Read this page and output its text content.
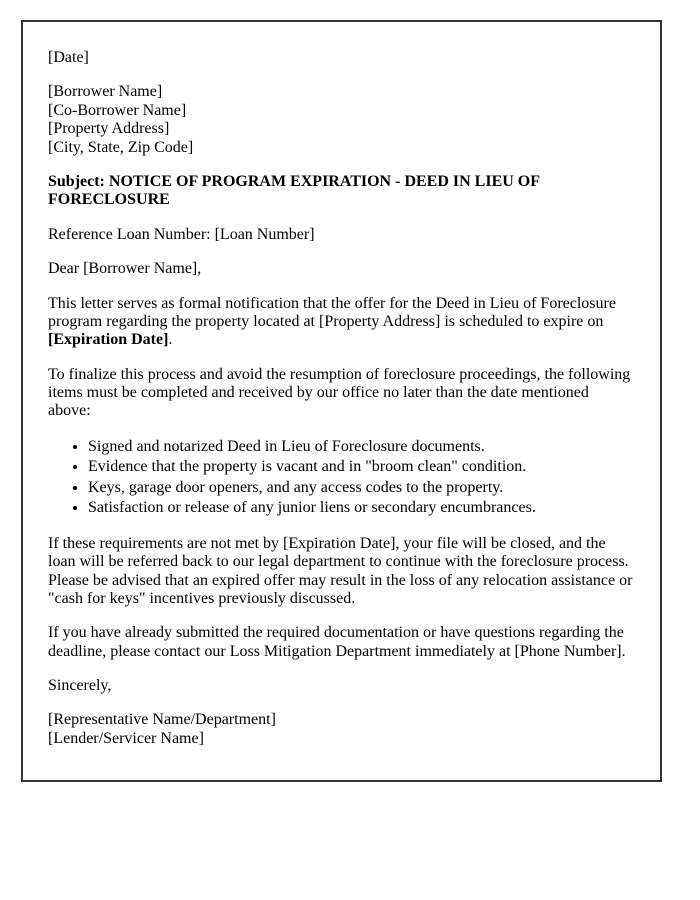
[Date]

[Borrower Name]
[Co-Borrower Name]
[Property Address]
[City, State, Zip Code]

Subject: NOTICE OF PROGRAM EXPIRATION - DEED IN LIEU OF FORECLOSURE

Reference Loan Number: [Loan Number]

Dear [Borrower Name],

This letter serves as formal notification that the offer for the Deed in Lieu of Foreclosure program regarding the property located at [Property Address] is scheduled to expire on [Expiration Date].

To finalize this process and avoid the resumption of foreclosure proceedings, the following items must be completed and received by our office no later than the date mentioned above:

• Signed and notarized Deed in Lieu of Foreclosure documents.
• Evidence that the property is vacant and in "broom clean" condition.
• Keys, garage door openers, and any access codes to the property.
• Satisfaction or release of any junior liens or secondary encumbrances.

If these requirements are not met by [Expiration Date], your file will be closed, and the loan will be referred back to our legal department to continue with the foreclosure process. Please be advised that an expired offer may result in the loss of any relocation assistance or "cash for keys" incentives previously discussed.

If you have already submitted the required documentation or have questions regarding the deadline, please contact our Loss Mitigation Department immediately at [Phone Number].

Sincerely,

[Representative Name/Department]
[Lender/Servicer Name]
